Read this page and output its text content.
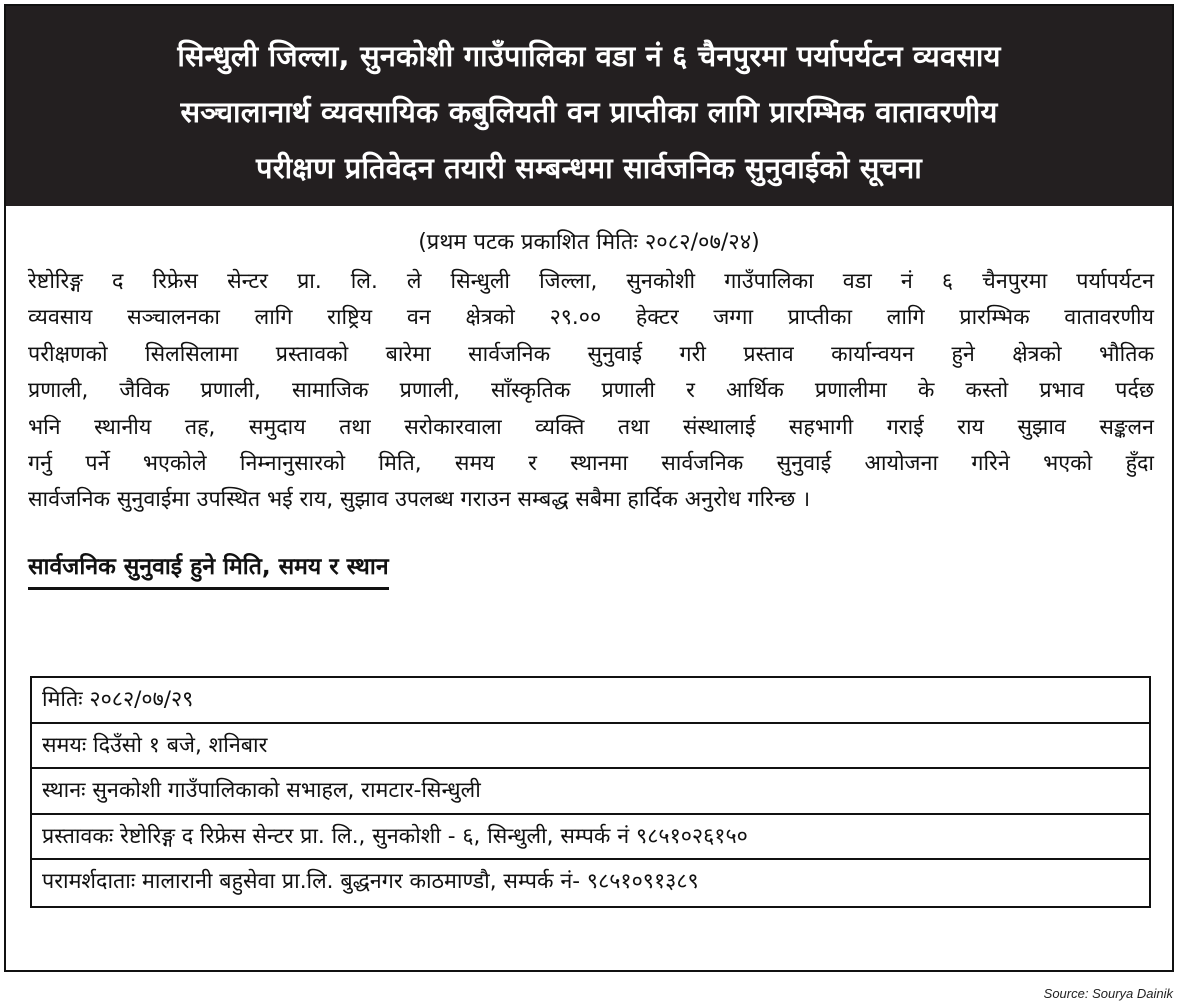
सिन्धुली जिल्ला, सुनकोशी गाउँपालिका वडा नं ६ चैनपुरमा पर्यापर्यटन व्यवसाय
सञ्चालानार्थ व्यवसायिक कबुलियती वन प्राप्तीका लागि प्रारम्भिक वातावरणीय
परीक्षण प्रतिवेदन तयारी सम्बन्धमा सार्वजनिक सुनुवाईको सूचना
(प्रथम पटक प्रकाशित मितिः २०८२/०७/२४)
रेष्टोरिङ्ग द रिफ्रेस सेन्टर प्रा. लि. ले सिन्धुली जिल्ला, सुनकोशी गाउँपालिका वडा नं ६ चैनपुरमा पर्यापर्यटन
व्यवसाय सञ्चालनका लागि राष्ट्रिय वन क्षेत्रको २९.०० हेक्टर जग्गा प्राप्तीका लागि प्रारम्भिक वातावरणीय
परीक्षणको सिलसिलामा प्रस्तावको बारेमा सार्वजनिक सुनुवाई गरी प्रस्ताव कार्यान्वयन हुने क्षेत्रको भौतिक
प्रणाली, जैविक प्रणाली, सामाजिक प्रणाली, साँस्कृतिक प्रणाली र आर्थिक प्रणालीमा के कस्तो प्रभाव पर्दछ
भनि स्थानीय तह, समुदाय तथा सरोकारवाला व्यक्ति तथा संस्थालाई सहभागी गराई राय सुझाव सङ्कलन
गर्नु पर्ने भएकोले निम्नानुसारको मिति, समय र स्थानमा सार्वजनिक सुनुवाई आयोजना गरिने भएको हुँदा
सार्वजनिक सुनुवाईमा उपस्थित भई राय, सुझाव उपलब्ध गराउन सम्बद्ध सबैमा हार्दिक अनुरोध गरिन्छ ।
सार्वजनिक सुनुवाई हुने मिति, समय र स्थान
मितिः २०८२/०७/२९
समयः दिउँसो १ बजे, शनिबार
स्थानः सुनकोशी गाउँपालिकाको सभाहल, रामटार-सिन्धुली
प्रस्तावकः रेष्टोरिङ्ग द रिफ्रेस सेन्टर प्रा. लि., सुनकोशी - ६, सिन्धुली, सम्पर्क नं ९८५१०२६१५०
परामर्शदाताः मालारानी बहुसेवा प्रा.लि. बुद्धनगर काठमाण्डौ, सम्पर्क नं- ९८५१०९१३८९
Source: Sourya Dainik
